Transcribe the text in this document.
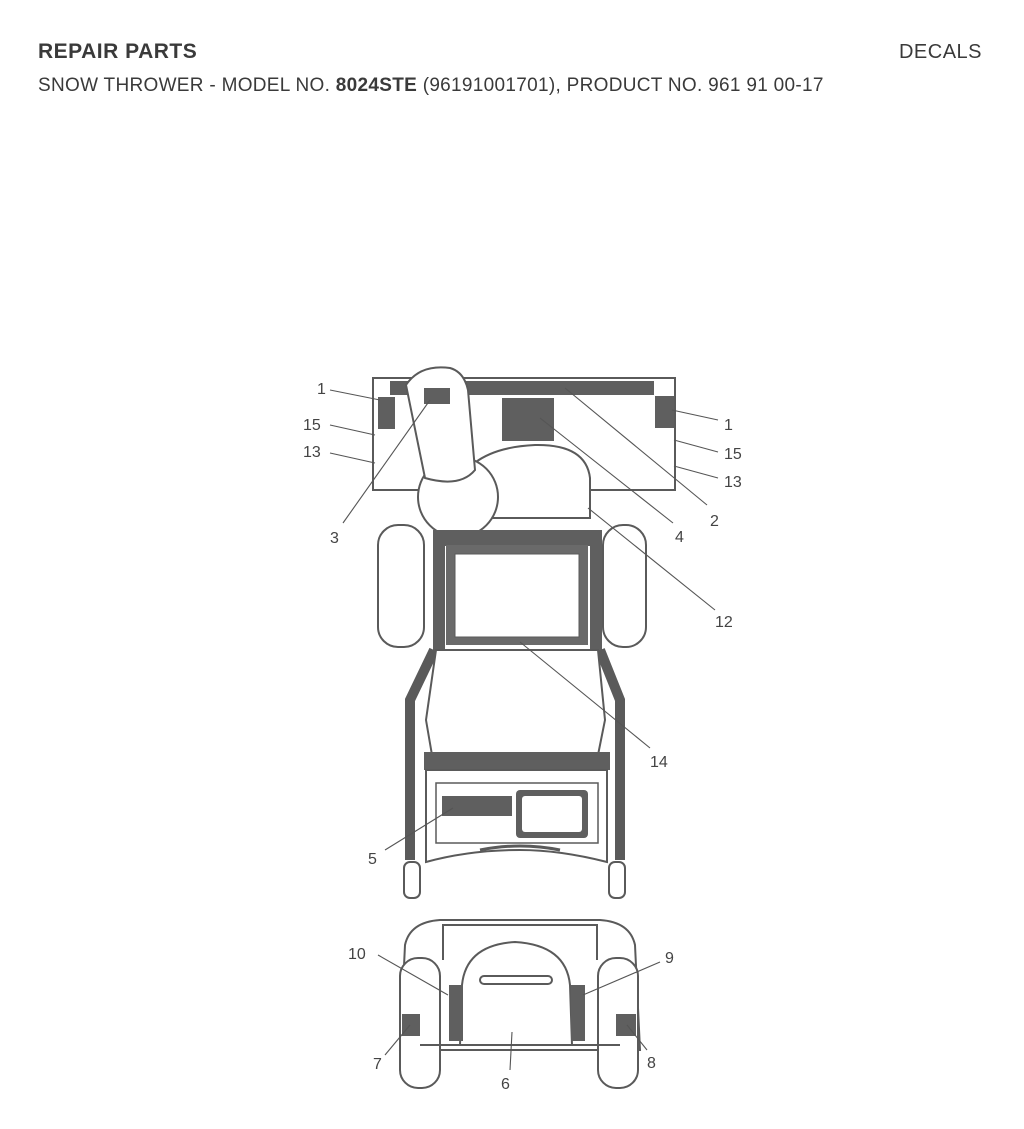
REPAIR PARTS	DECALS
SNOW THROWER - MODEL NO. 8024STE (96191001701), PRODUCT NO. 961 91 00-17
1
15
13
3
1
15
13
2
4
12
14
5
10	9
7	8
6
